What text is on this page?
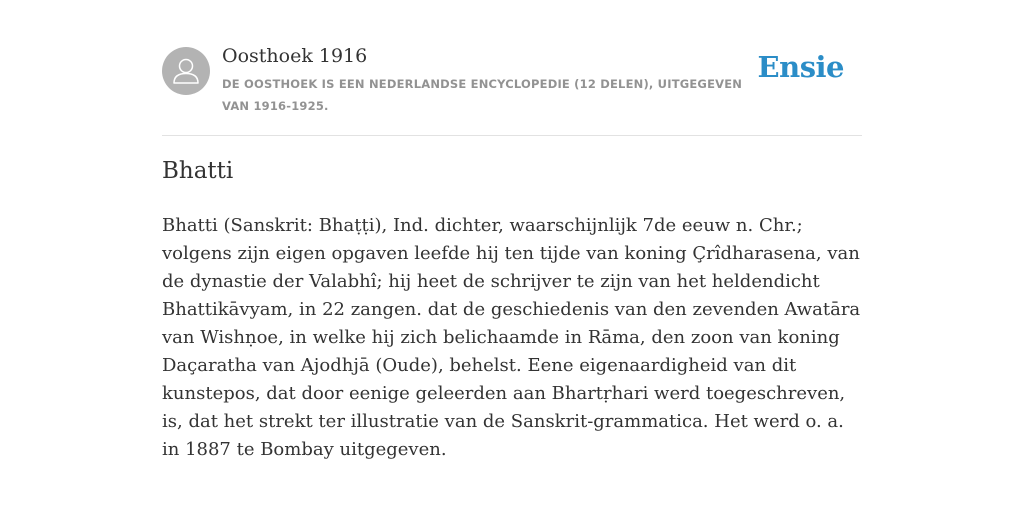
Oosthoek 1916
DE OOSTHOEK IS EEN NEDERLANDSE ENCYCLOPEDIE (12 DELEN), UITGEGEVEN VAN 1916-1925.
Ensie
Bhatti

Bhatti (Sanskrit: Bhaṭṭi), Ind. dichter, waarschijnlijk 7de eeuw n. Chr.; volgens zijn eigen opgaven leefde hij ten tijde van koning Çrîdharasena, van de dynastie der Valabhî; hij heet de schrijver te zijn van het heldendicht Bhattikāvyam, in 22 zangen. dat de geschiedenis van den zevenden Awatāra van Wishṇoe, in welke hij zich belichaamde in Rāma, den zoon van koning Daçaratha van Ajodhjā (Oude), behelst. Eene eigenaardigheid van dit kunstepos, dat door eenige geleerden aan Bhartṛhari werd toegeschreven, is, dat het strekt ter illustratie van de Sanskrit-grammatica. Het werd o. a. in 1887 te Bombay uitgegeven.
